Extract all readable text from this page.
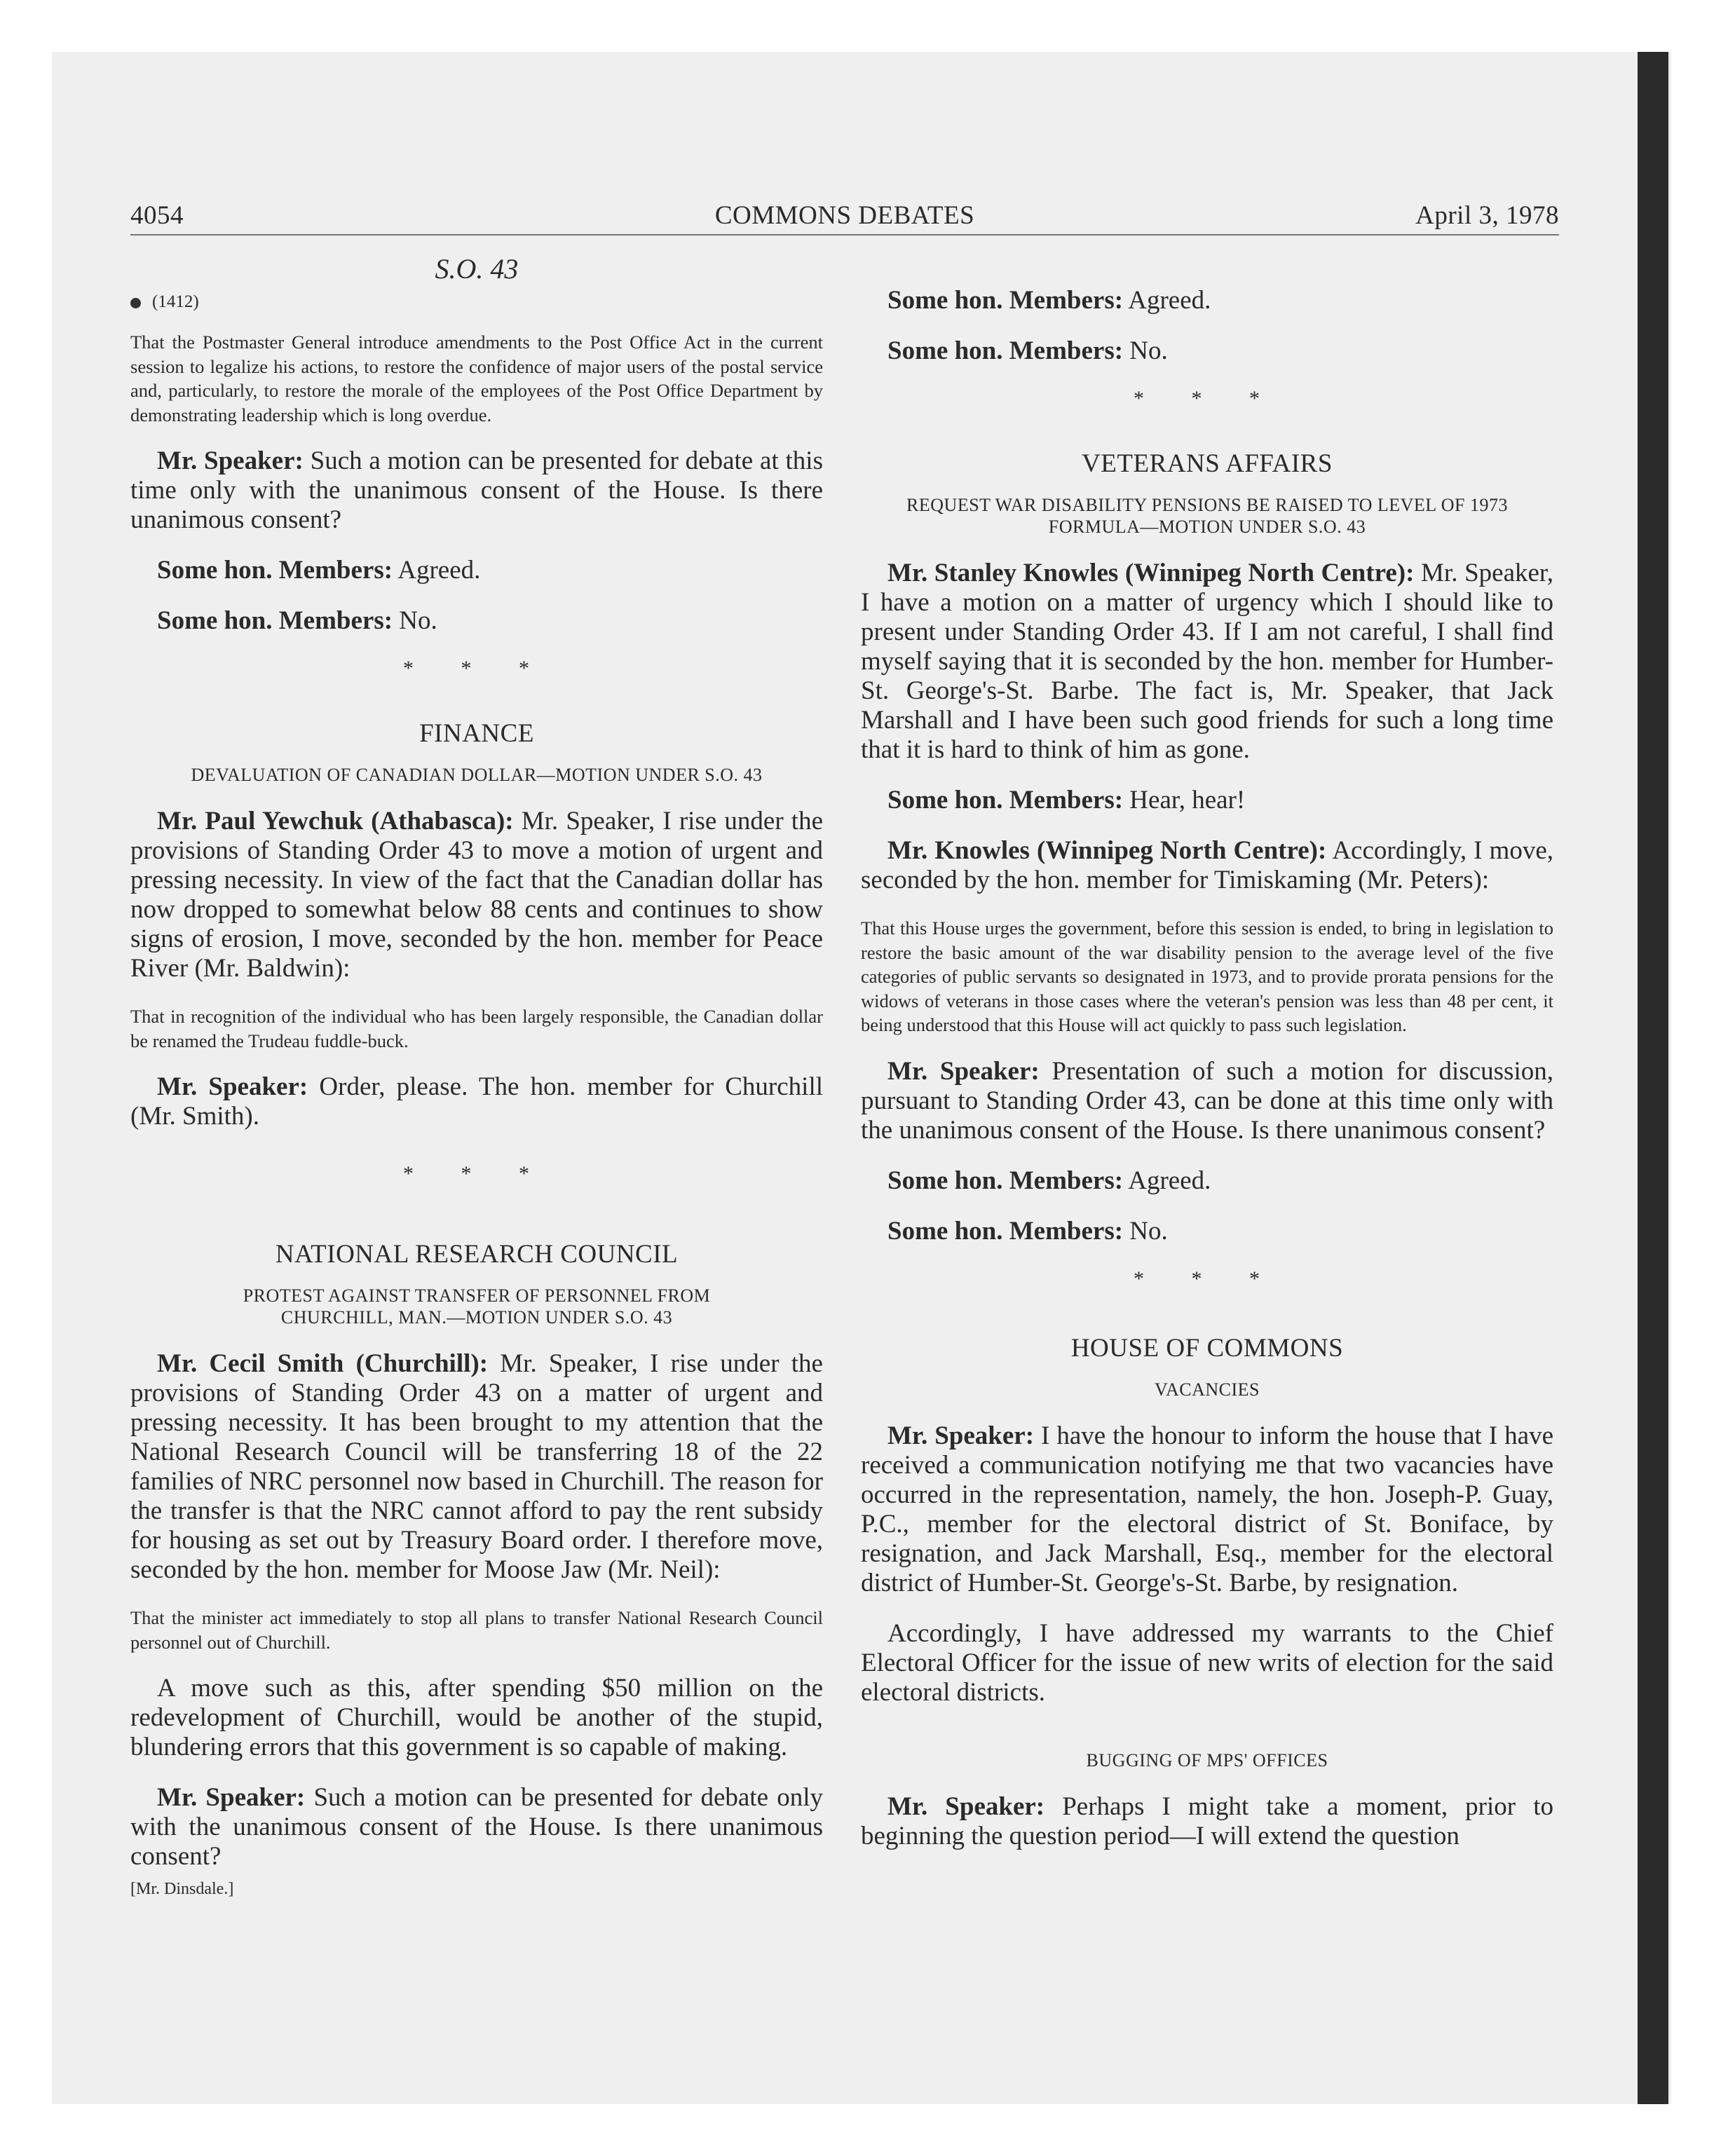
4054	COMMONS DEBATES	April 3, 1978
S.O. 43
(1412)

That the Postmaster General introduce amendments to the Post Office Act in the current session to legalize his actions, to restore the confidence of major users of the postal service and, particularly, to restore the morale of the employees of the Post Office Department by demonstrating leadership which is long overdue.

Mr. Speaker: Such a motion can be presented for debate at this time only with the unanimous consent of the House. Is there unanimous consent?

Some hon. Members: Agreed.

Some hon. Members: No.

* * *
FINANCE
DEVALUATION OF CANADIAN DOLLAR—MOTION UNDER S.O. 43

Mr. Paul Yewchuk (Athabasca): Mr. Speaker, I rise under the provisions of Standing Order 43 to move a motion of urgent and pressing necessity. In view of the fact that the Canadian dollar has now dropped to somewhat below 88 cents and continues to show signs of erosion, I move, seconded by the hon. member for Peace River (Mr. Baldwin):

That in recognition of the individual who has been largely responsible, the Canadian dollar be renamed the Trudeau fuddle-buck.

Mr. Speaker: Order, please. The hon. member for Churchill (Mr. Smith).

* * *
NATIONAL RESEARCH COUNCIL
PROTEST AGAINST TRANSFER OF PERSONNEL FROM CHURCHILL, MAN.—MOTION UNDER S.O. 43

Mr. Cecil Smith (Churchill): Mr. Speaker, I rise under the provisions of Standing Order 43 on a matter of urgent and pressing necessity. It has been brought to my attention that the National Research Council will be transferring 18 of the 22 families of NRC personnel now based in Churchill. The reason for the transfer is that the NRC cannot afford to pay the rent subsidy for housing as set out by Treasury Board order. I therefore move, seconded by the hon. member for Moose Jaw (Mr. Neil):

That the minister act immediately to stop all plans to transfer National Research Council personnel out of Churchill.

A move such as this, after spending $50 million on the redevelopment of Churchill, would be another of the stupid, blundering errors that this government is so capable of making.

Mr. Speaker: Such a motion can be presented for debate only with the unanimous consent of the House. Is there unanimous consent?

[Mr. Dinsdale.]

Some hon. Members: Agreed.

Some hon. Members: No.

* * *
VETERANS AFFAIRS
REQUEST WAR DISABILITY PENSIONS BE RAISED TO LEVEL OF 1973 FORMULA—MOTION UNDER S.O. 43

Mr. Stanley Knowles (Winnipeg North Centre): Mr. Speaker, I have a motion on a matter of urgency which I should like to present under Standing Order 43. If I am not careful, I shall find myself saying that it is seconded by the hon. member for Humber-St. George's-St. Barbe. The fact is, Mr. Speaker, that Jack Marshall and I have been such good friends for such a long time that it is hard to think of him as gone.

Some hon. Members: Hear, hear!

Mr. Knowles (Winnipeg North Centre): Accordingly, I move, seconded by the hon. member for Timiskaming (Mr. Peters):

That this House urges the government, before this session is ended, to bring in legislation to restore the basic amount of the war disability pension to the average level of the five categories of public servants so designated in 1973, and to provide prorata pensions for the widows of veterans in those cases where the veteran's pension was less than 48 per cent, it being understood that this House will act quickly to pass such legislation.

Mr. Speaker: Presentation of such a motion for discussion, pursuant to Standing Order 43, can be done at this time only with the unanimous consent of the House. Is there unanimous consent?

Some hon. Members: Agreed.

Some hon. Members: No.

* * *
HOUSE OF COMMONS
VACANCIES

Mr. Speaker: I have the honour to inform the house that I have received a communication notifying me that two vacancies have occurred in the representation, namely, the hon. Joseph-P. Guay, P.C., member for the electoral district of St. Boniface, by resignation, and Jack Marshall, Esq., member for the electoral district of Humber-St. George's-St. Barbe, by resignation.

Accordingly, I have addressed my warrants to the Chief Electoral Officer for the issue of new writs of election for the said electoral districts.

BUGGING OF MPS' OFFICES

Mr. Speaker: Perhaps I might take a moment, prior to beginning the question period—I will extend the question
